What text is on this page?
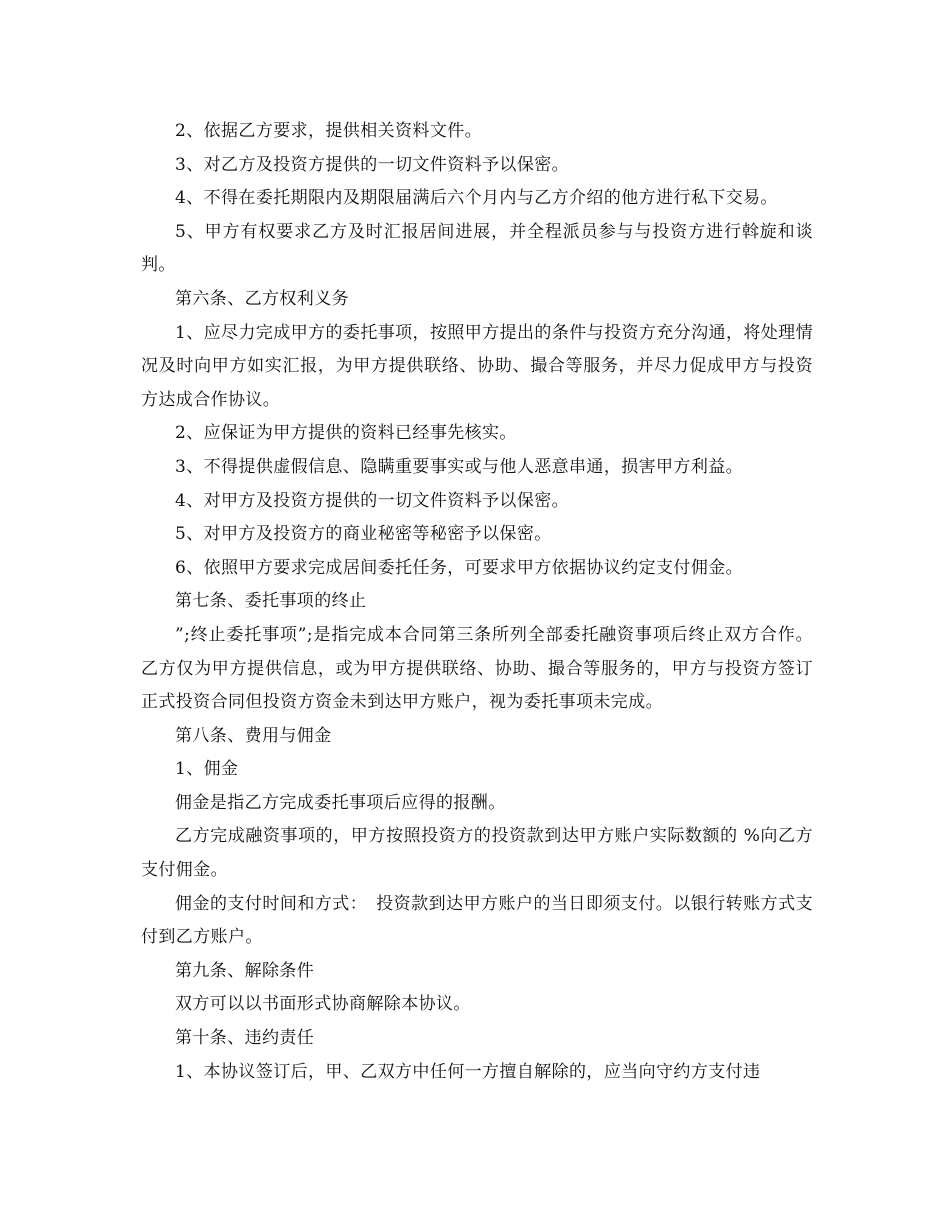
2、依据乙方要求，提供相关资料文件。

3、对乙方及投资方提供的一切文件资料予以保密。

4、不得在委托期限内及期限届满后六个月内与乙方介绍的他方进行私下交易。

5、甲方有权要求乙方及时汇报居间进展，并全程派员参与与投资方进行斡旋和谈判。

第六条、乙方权利义务

1、应尽力完成甲方的委托事项，按照甲方提出的条件与投资方充分沟通，将处理情况及时向甲方如实汇报，为甲方提供联络、协助、撮合等服务，并尽力促成甲方与投资方达成合作协议。

2、应保证为甲方提供的资料已经事先核实。

3、不得提供虚假信息、隐瞒重要事实或与他人恶意串通，损害甲方利益。

4、对甲方及投资方提供的一切文件资料予以保密。

5、对甲方及投资方的商业秘密等秘密予以保密。

6、依照甲方要求完成居间委托任务，可要求甲方依据协议约定支付佣金。

第七条、委托事项的终止

”;终止委托事项”;是指完成本合同第三条所列全部委托融资事项后终止双方合作。乙方仅为甲方提供信息，或为甲方提供联络、协助、撮合等服务的，甲方与投资方签订正式投资合同但投资方资金未到达甲方账户，视为委托事项未完成。

第八条、费用与佣金

1、佣金

佣金是指乙方完成委托事项后应得的报酬。

乙方完成融资事项的，甲方按照投资方的投资款到达甲方账户实际数额的 %向乙方支付佣金。

佣金的支付时间和方式：　投资款到达甲方账户的当日即须支付。以银行转账方式支付到乙方账户。

第九条、解除条件

双方可以以书面形式协商解除本协议。

第十条、违约责任

1、本协议签订后，甲、乙双方中任何一方擅自解除的，应当向守约方支付违
